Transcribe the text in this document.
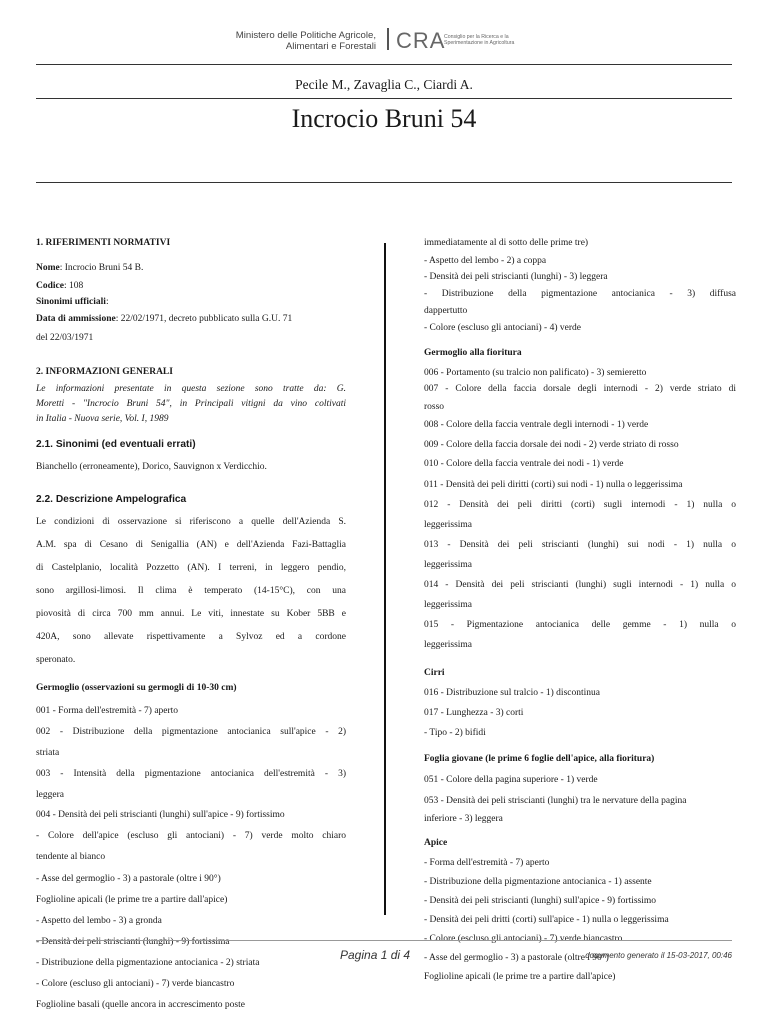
Ministero delle Politiche Agricole,
Alimentari e Forestali CRA
Consiglio per la Ricerca e la
Sperimentazione in Agricoltura
Pecile M., Zavaglia C., Ciardi A.
Incrocio Bruni 54
1. RIFERIMENTI NORMATIVI
Nome: Incrocio Bruni 54 B.
Codice: 108
Sinonimi ufficiali:
Data di ammissione: 22/02/1971, decreto pubblicato sulla G.U. 71
del 22/03/1971
2. INFORMAZIONI GENERALI
Le informazioni presentate in questa sezione sono tratte da: G.
Moretti - "Incrocio Bruni 54", in Principali vitigni da vino coltivati
in Italia - Nuova serie, Vol. I, 1989
2.1. Sinonimi (ed eventuali errati)
Bianchello (erroneamente), Dorico, Sauvignon x Verdicchio.
2.2. Descrizione Ampelografica
Le condizioni di osservazione si riferiscono a quelle dell'Azienda S.
A.M. spa di Cesano di Senigallia (AN) e dell'Azienda Fazi-Battaglia
di Castelplanio, località Pozzetto (AN). I terreni, in leggero pendio,
sono argillosi-limosi. Il clima è temperato (14-15°C), con una
piovosità di circa 700 mm annui. Le viti, innestate su Kober 5BB e
420A, sono allevate rispettivamente a Sylvoz ed a cordone
speronato.
Germoglio (osservazioni su germogli di 10-30 cm)
001 - Forma dell'estremità - 7) aperto
002 - Distribuzione della pigmentazione antocianica sull'apice - 2)
striata
003 - Intensità della pigmentazione antocianica dell'estremità - 3)
leggera
004 - Densità dei peli striscianti (lunghi) sull'apice - 9) fortissimo
- Colore dell'apice (escluso gli antociani) - 7) verde molto chiaro
tendente al bianco
- Asse del germoglio - 3) a pastorale (oltre i 90°)
Foglioline apicali (le prime tre a partire dall'apice)
- Aspetto del lembo - 3) a gronda
- Densità dei peli striscianti (lunghi) - 9) fortissima
- Distribuzione della pigmentazione antocianica - 2) striata
- Colore (escluso gli antociani) - 7) verde biancastro
Foglioline basali (quelle ancora in accrescimento poste
immediatamente al di sotto delle prime tre)
- Aspetto del lembo - 2) a coppa
- Densità dei peli striscianti (lunghi) - 3) leggera
- Distribuzione della pigmentazione antocianica - 3) diffusa
dappertutto
- Colore (escluso gli antociani) - 4) verde
Germoglio alla fioritura
006 - Portamento (su tralcio non palificato) - 3) semieretto
007 - Colore della faccia dorsale degli internodi - 2) verde striato di
rosso
008 - Colore della faccia ventrale degli internodi - 1) verde
009 - Colore della faccia dorsale dei nodi - 2) verde striato di rosso
010 - Colore della faccia ventrale dei nodi - 1) verde
011 - Densità dei peli diritti (corti) sui nodi - 1) nulla o leggerissima
012 - Densità dei peli diritti (corti) sugli internodi - 1) nulla o
leggerissima
013 - Densità dei peli striscianti (lunghi) sui nodi - 1) nulla o
leggerissima
014 - Densità dei peli striscianti (lunghi) sugli internodi - 1) nulla o
leggerissima
015 - Pigmentazione antocianica delle gemme - 1) nulla o
leggerissima
Cirri
016 - Distribuzione sul tralcio - 1) discontinua
017 - Lunghezza - 3) corti
- Tipo - 2) bifidi
Foglia giovane (le prime 6 foglie dell'apice, alla fioritura)
051 - Colore della pagina superiore - 1) verde
053 - Densità dei peli striscianti (lunghi) tra le nervature della pagina
inferiore - 3) leggera
Apice
- Forma dell'estremità - 7) aperto
- Distribuzione della pigmentazione antocianica - 1) assente
- Densità dei peli striscianti (lunghi) sull'apice - 9) fortissimo
- Densità dei peli dritti (corti) sull'apice - 1) nulla o leggerissima
- Colore (escluso gli antociani) - 7) verde biancastro
- Asse del germoglio - 3) a pastorale (oltre i 90°)
Foglioline apicali (le prime tre a partire dall'apice)
Pagina 1 di 4	documento generato il 15-03-2017, 00:46
